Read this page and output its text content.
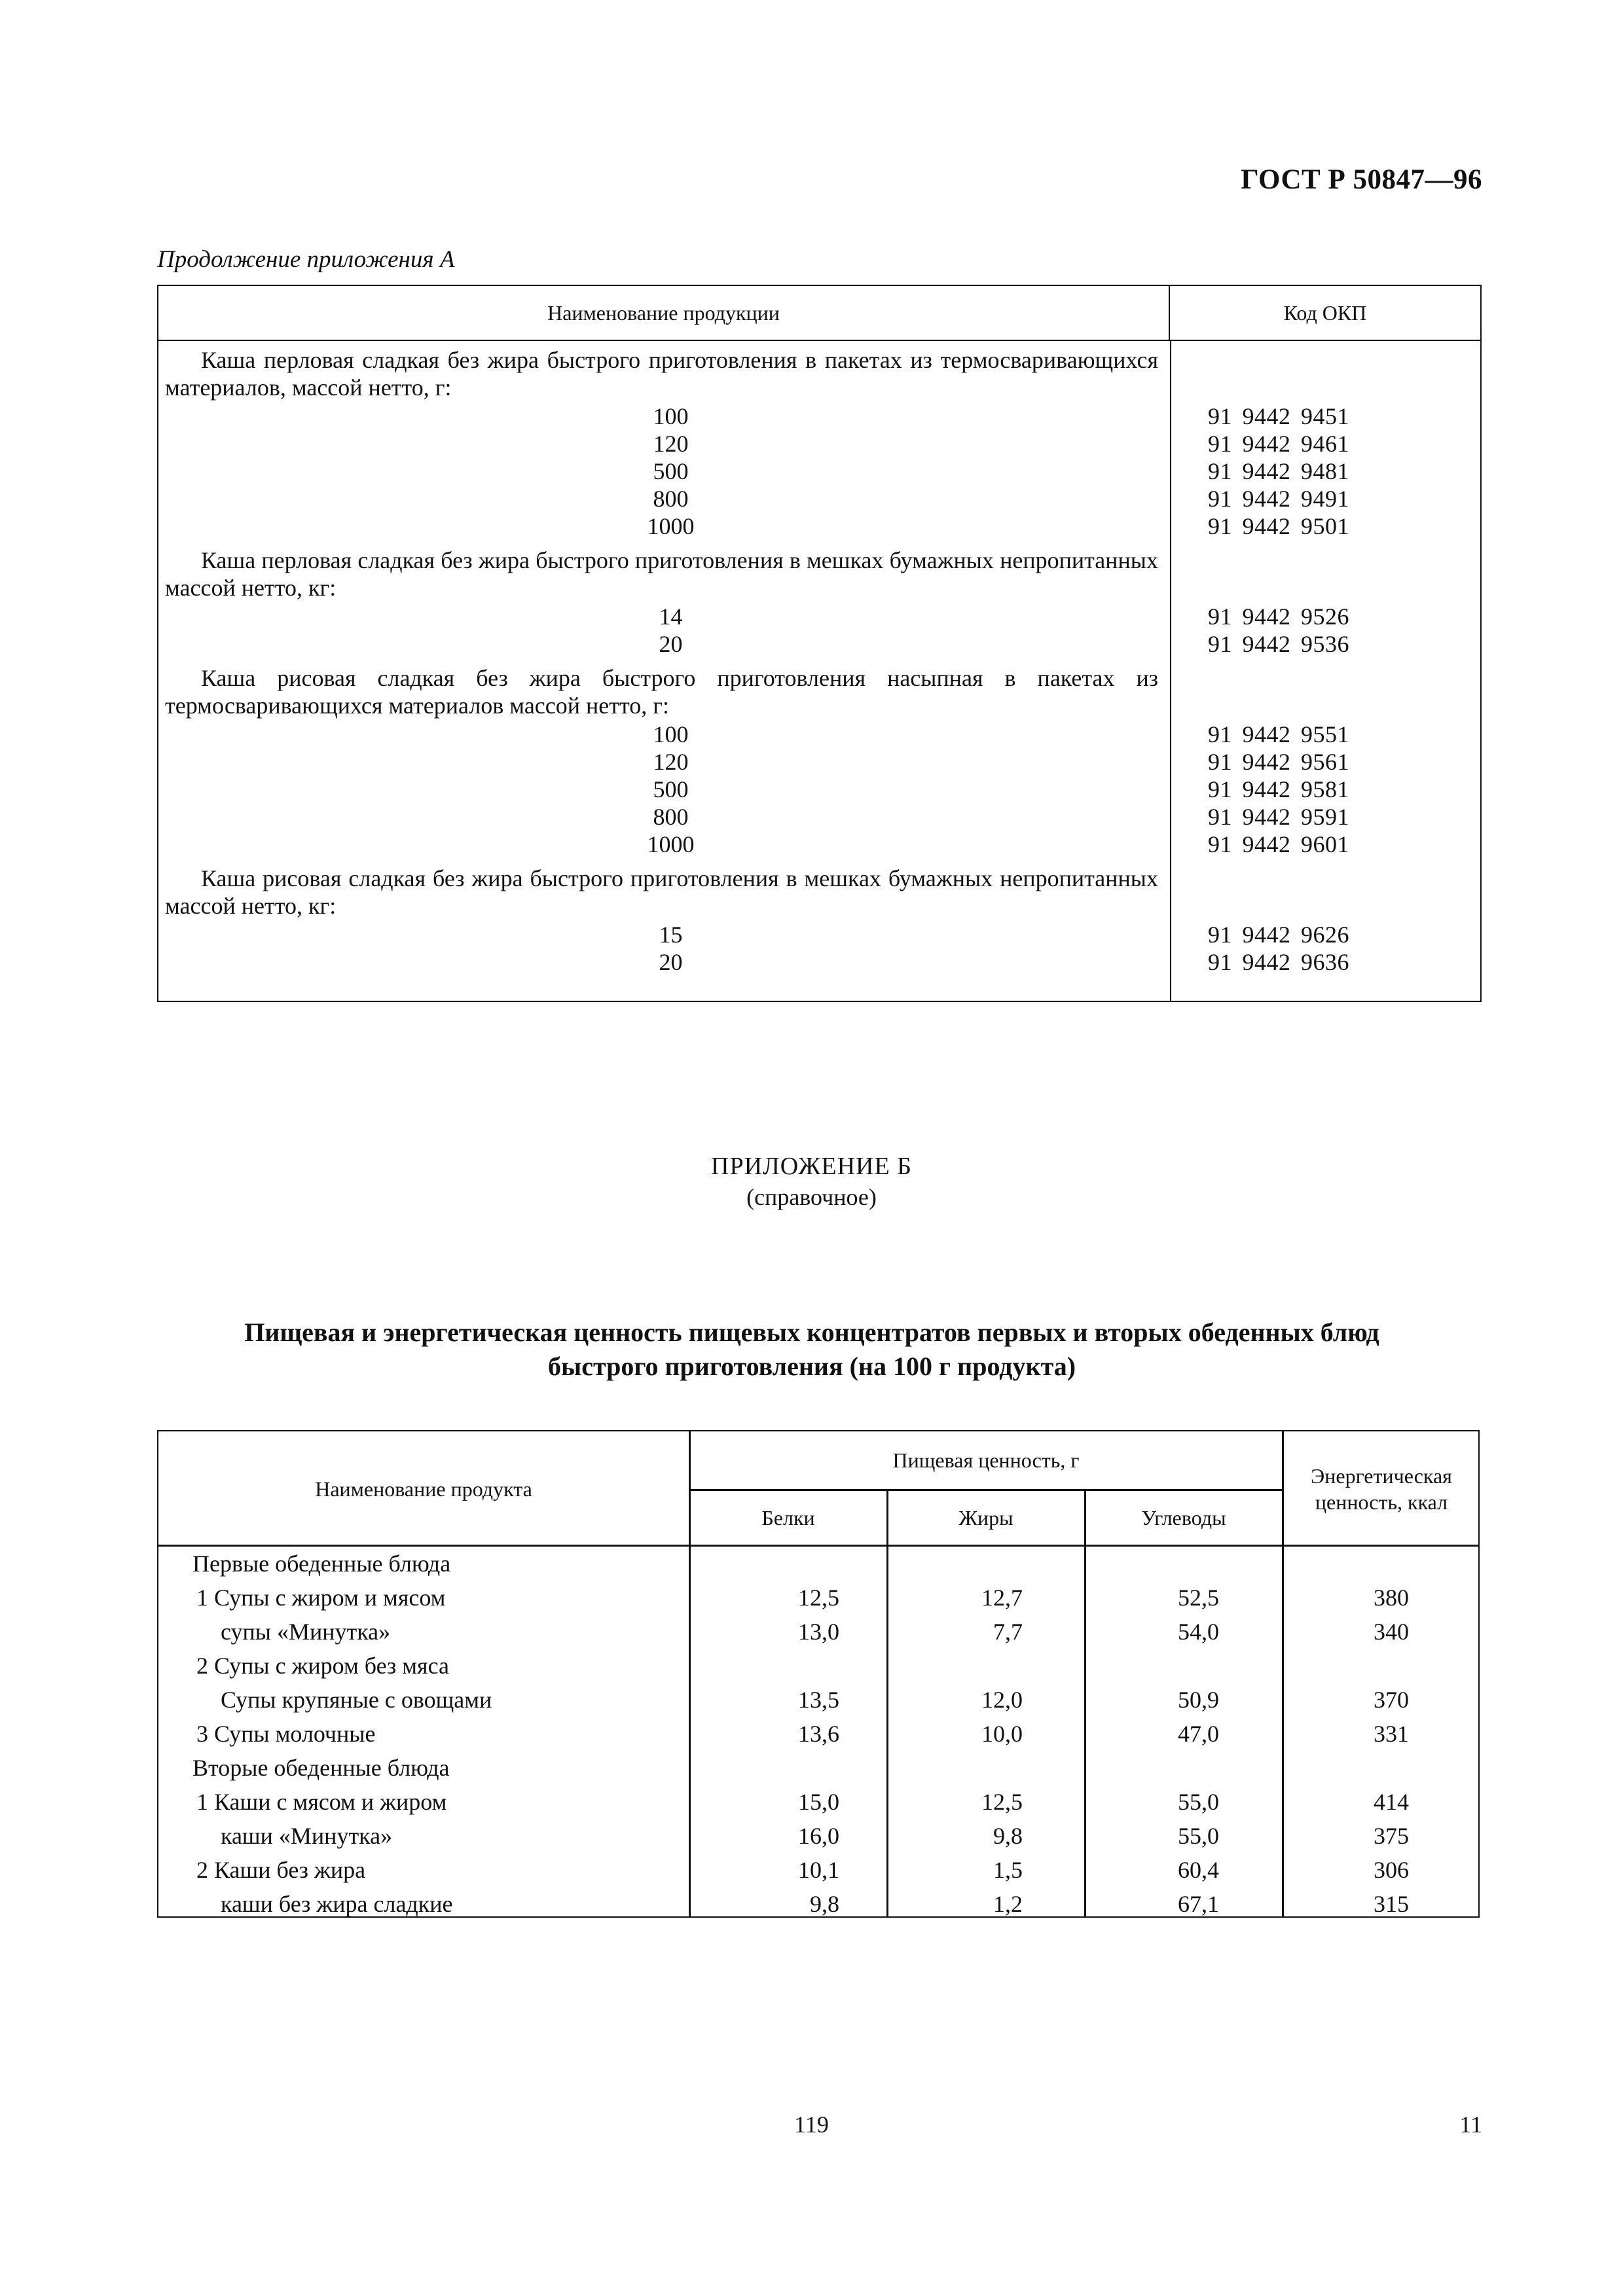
ГОСТ Р 50847—96
Продолжение приложения А
Наименование продукции	Код ОКП
Каша перловая сладкая без жира быстрого приготовления в пакетах из термосваривающихся материалов, массой нетто, г:
100	91 9442 9451
120	91 9442 9461
500	91 9442 9481
800	91 9442 9491
1000	91 9442 9501
Каша перловая сладкая без жира быстрого приготовления в мешках бумажных непропитанных массой нетто, кг:
14	91 9442 9526
20	91 9442 9536
Каша рисовая сладкая без жира быстрого приготовления насыпная в пакетах из термосваривающихся материалов массой нетто, г:
100	91 9442 9551
120	91 9442 9561
500	91 9442 9581
800	91 9442 9591
1000	91 9442 9601
Каша рисовая сладкая без жира быстрого приготовления в мешках бумажных непропитанных массой нетто, кг:
15	91 9442 9626
20	91 9442 9636
ПРИЛОЖЕНИЕ Б
(справочное)
Пищевая и энергетическая ценность пищевых концентратов первых и вторых обеденных блюд быстрого приготовления (на 100 г продукта)
Наименование продукта
Пищевая ценность, г
Белки	Жиры	Углеводы
Энергетическая ценность, ккал
Первые обеденные блюда
1 Супы с жиром и мясом	12,5	12,7	52,5	380
супы «Минутка»	13,0	7,7	54,0	340
2 Супы с жиром без мяса
Супы крупяные с овощами	13,5	12,0	50,9	370
3 Супы молочные	13,6	10,0	47,0	331
Вторые обеденные блюда
1 Каши с мясом и жиром	15,0	12,5	55,0	414
каши «Минутка»	16,0	9,8	55,0	375
2 Каши без жира	10,1	1,5	60,4	306
каши без жира сладкие	9,8	1,2	67,1	315
119	11
